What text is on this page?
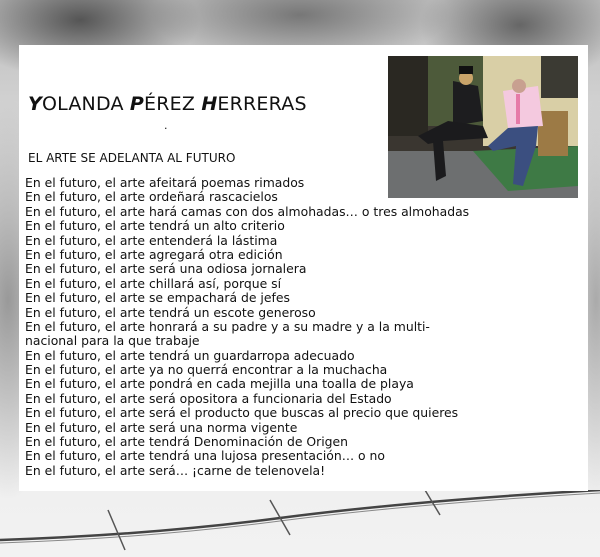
YOLANDA PÉREZ HERRERAS
.
EL ARTE SE ADELANTA AL FUTURO
En el futuro, el arte afeitará poemas rimados
En el futuro, el arte ordeñará rascacielos
En el futuro, el arte hará camas con dos almohadas… o tres almohadas
En el futuro, el arte tendrá un alto criterio
En el futuro, el arte entenderá la lástima
En el futuro, el arte agregará otra edición
En el futuro, el arte será una odiosa jornalera
En el futuro, el arte chillará así, porque sí
En el futuro, el arte se empachará de jefes
En el futuro, el arte tendrá un escote generoso
En el futuro, el arte honrará a su padre y a su madre y a la multi-
nacional para la que trabaje
En el futuro, el arte tendrá un guardarropa adecuado
En el futuro, el arte ya no querrá encontrar a la muchacha
En el futuro, el arte pondrá en cada mejilla una toalla de playa
En el futuro, el arte será opositora a funcionaria del Estado
En el futuro, el arte será el producto que buscas al precio que quieres
En el futuro, el arte será una norma vigente
En el futuro, el arte tendrá Denominación de Origen
En el futuro, el arte tendrá una lujosa presentación… o no
En el futuro, el arte será… ¡carne de telenovela!
